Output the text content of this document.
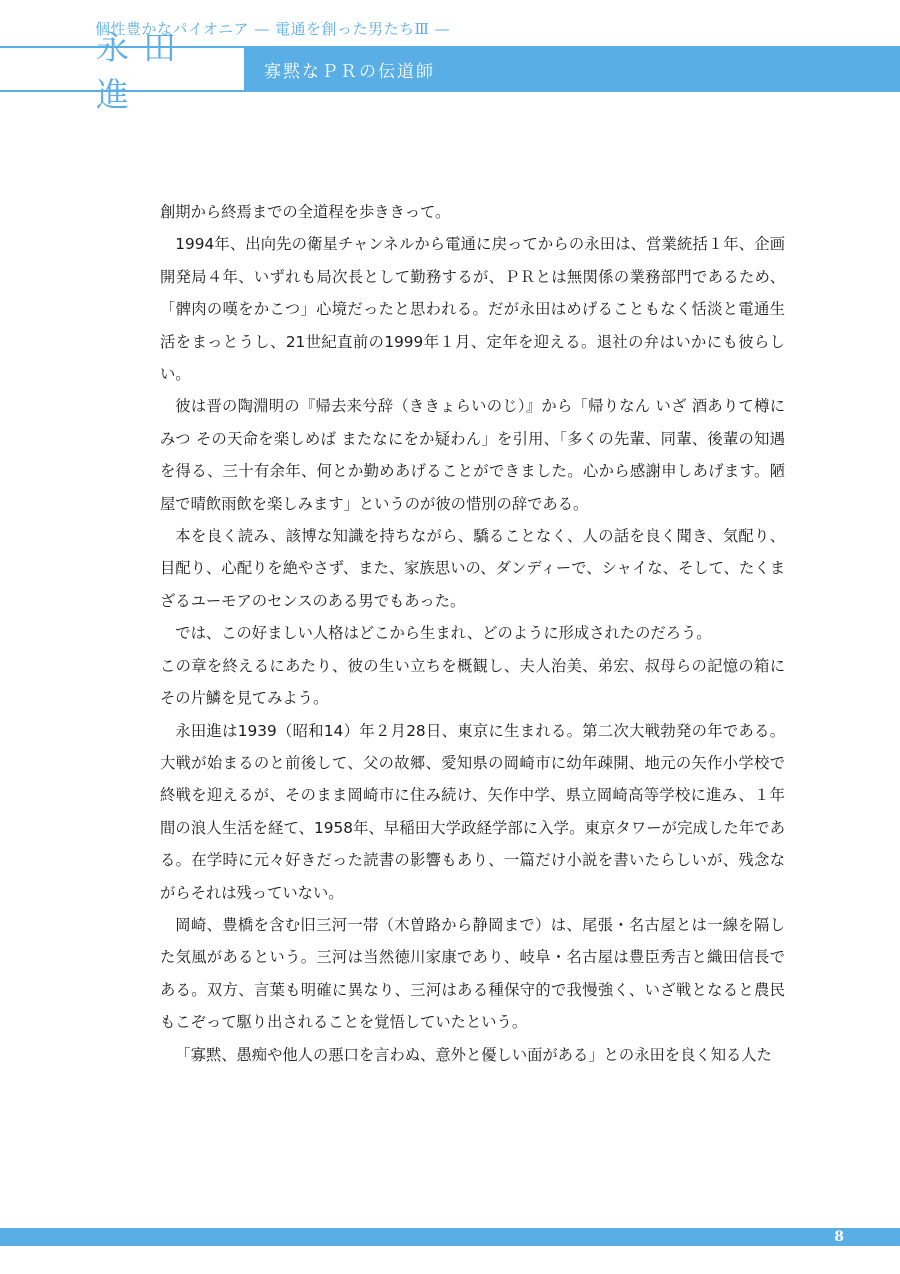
個性豊かなパイオニア — 電通を創った男たちⅢ —
永田 進
寡黙なＰＲの伝道師

創期から終焉までの全道程を歩ききって。

1994年、出向先の衛星チャンネルから電通に戻ってからの永田は、営業統括１年、企画開発局４年、いずれも局次長として勤務するが、ＰＲとは無関係の業務部門であるため、「髀肉の嘆をかこつ」心境だったと思われる。だが永田はめげることもなく恬淡と電通生活をまっとうし、21世紀直前の1999年１月、定年を迎える。退社の弁はいかにも彼らしい。

彼は晋の陶淵明の『帰去来兮辞（ききょらいのじ）』から「帰りなん いざ 酒ありて樽にみつ その天命を楽しめば またなにをか疑わん」を引用、「多くの先輩、同輩、後輩の知遇を得る、三十有余年、何とか勤めあげることができました。心から感謝申しあげます。陋屋で晴飲雨飲を楽しみます」というのが彼の惜別の辞である。

本を良く読み、該博な知識を持ちながら、驕ることなく、人の話を良く聞き、気配り、目配り、心配りを絶やさず、また、家族思いの、ダンディーで、シャイな、そして、たくまざるユーモアのセンスのある男でもあった。

では、この好ましい人格はどこから生まれ、どのように形成されたのだろう。

この章を終えるにあたり、彼の生い立ちを概観し、夫人治美、弟宏、叔母らの記憶の箱にその片鱗を見てみよう。

永田進は1939（昭和14）年２月28日、東京に生まれる。第二次大戦勃発の年である。大戦が始まるのと前後して、父の故郷、愛知県の岡崎市に幼年疎開、地元の矢作小学校で終戦を迎えるが、そのまま岡崎市に住み続け、矢作中学、県立岡崎高等学校に進み、１年間の浪人生活を経て、1958年、早稲田大学政経学部に入学。東京タワーが完成した年である。在学時に元々好きだった読書の影響もあり、一篇だけ小説を書いたらしいが、残念ながらそれは残っていない。

岡崎、豊橋を含む旧三河一帯（木曽路から静岡まで）は、尾張・名古屋とは一線を隔した気風があるという。三河は当然徳川家康であり、岐阜・名古屋は豊臣秀吉と織田信長である。双方、言葉も明確に異なり、三河はある種保守的で我慢強く、いざ戦となると農民もこぞって駆り出されることを覚悟していたという。

「寡黙、愚痴や他人の悪口を言わぬ、意外と優しい面がある」との永田を良く知る人た

8
